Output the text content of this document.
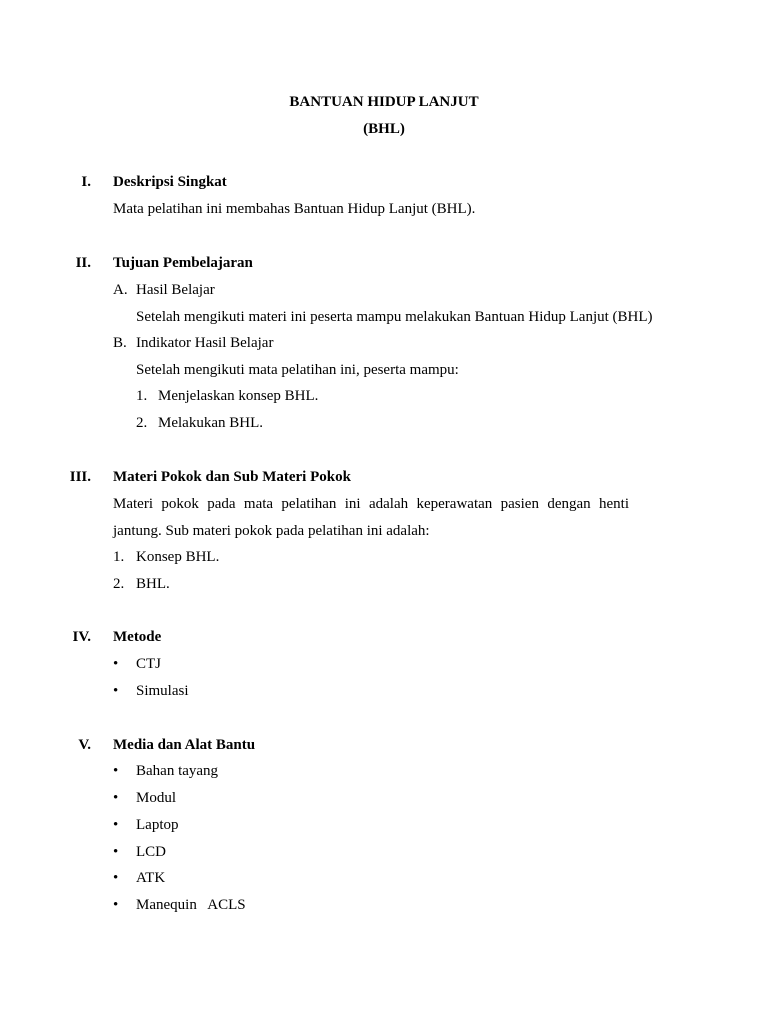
BANTUAN HIDUP LANJUT
(BHL)
I. Deskripsi Singkat
Mata pelatihan ini membahas Bantuan Hidup Lanjut (BHL).
II. Tujuan Pembelajaran
A. Hasil Belajar
Setelah mengikuti materi ini peserta mampu melakukan Bantuan Hidup Lanjut (BHL)
B. Indikator Hasil Belajar
Setelah mengikuti mata pelatihan ini, peserta mampu:
1. Menjelaskan konsep BHL.
2. Melakukan BHL.
III. Materi Pokok dan Sub Materi Pokok
Materi pokok pada mata pelatihan ini adalah keperawatan pasien dengan henti
jantung. Sub materi pokok pada pelatihan ini adalah:
1. Konsep BHL.
2. BHL.
IV. Metode
• CTJ
• Simulasi
V. Media dan Alat Bantu
• Bahan tayang
• Modul
• Laptop
• LCD
• ATK
• Manequin   ACLS
